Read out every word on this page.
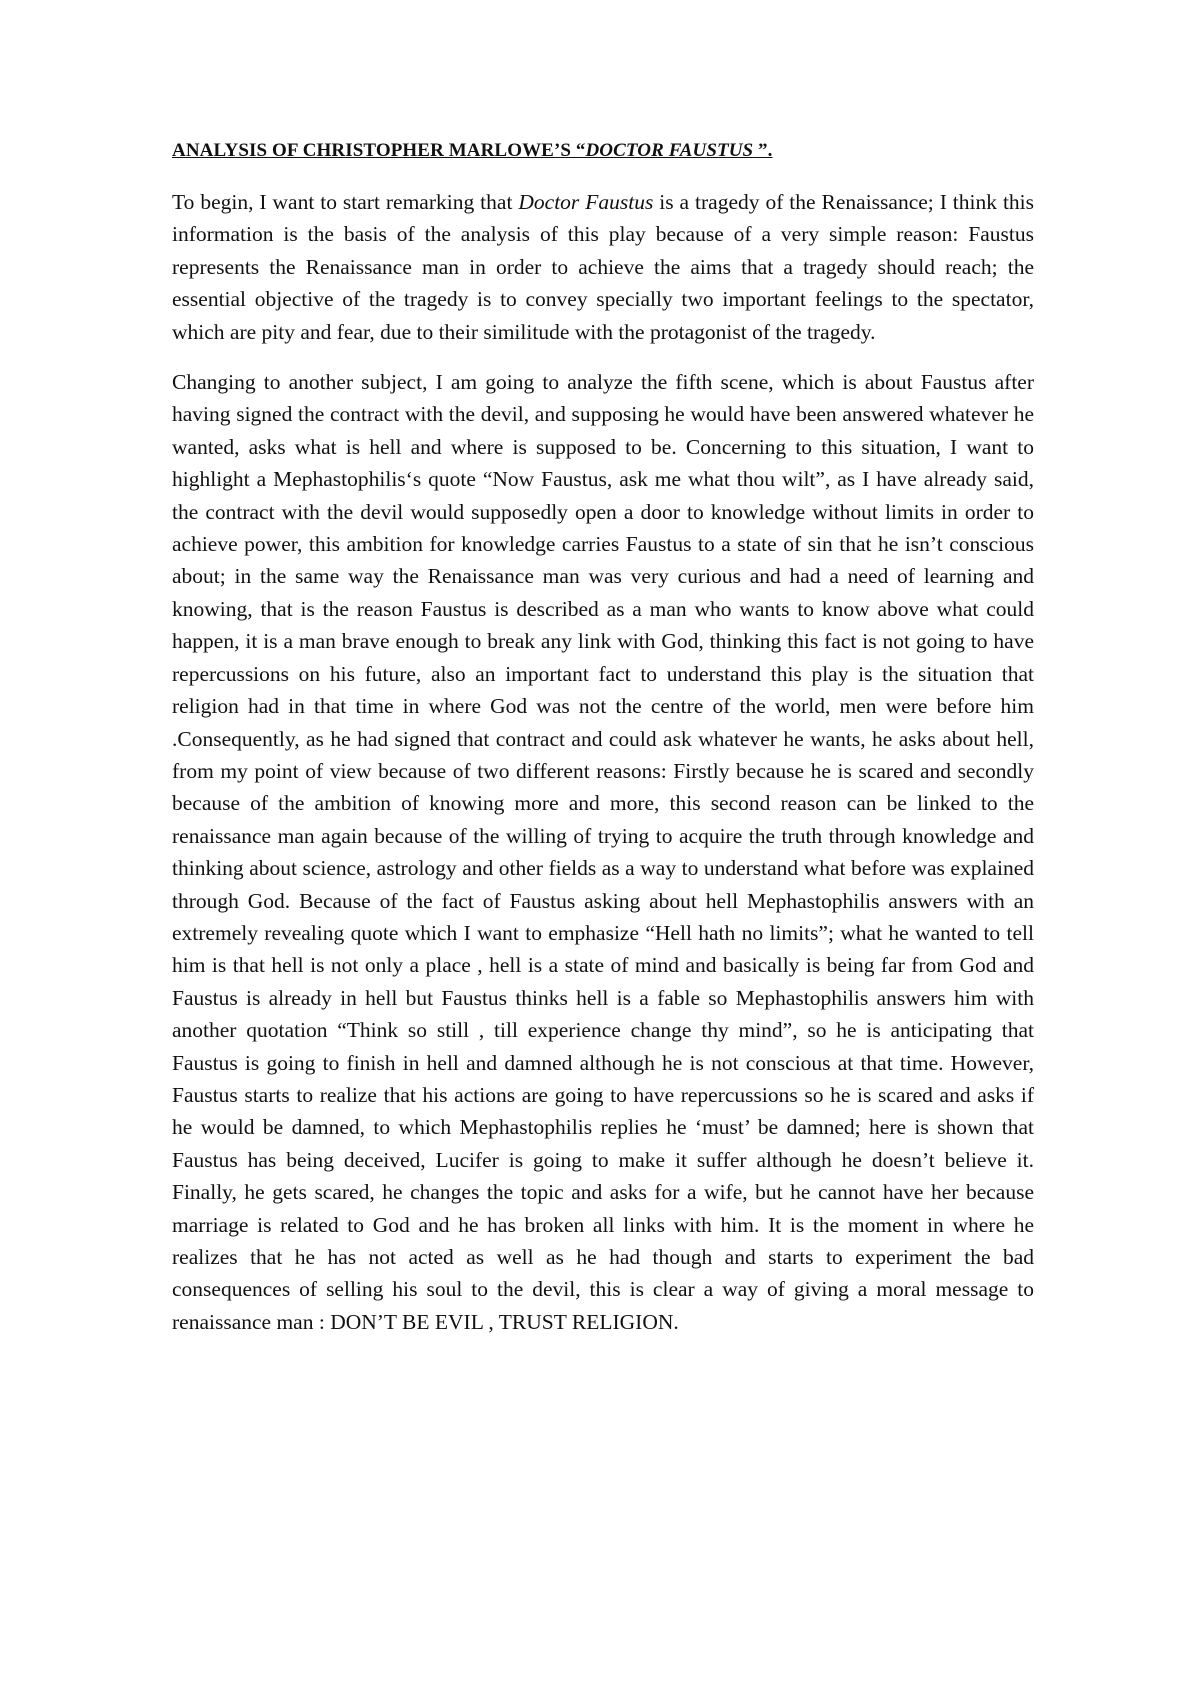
ANALYSIS OF CHRISTOPHER MARLOWE’S “DOCTOR FAUSTUS ”.

To begin, I want to start remarking that Doctor Faustus is a tragedy of the Renaissance; I think this information is the basis of the analysis of this play because of a very simple reason: Faustus represents the Renaissance man in order to achieve the aims that a tragedy should reach; the essential objective of the tragedy is to convey specially two important feelings to the spectator, which are pity and fear, due to their similitude with the protagonist of the tragedy.

Changing to another subject, I am going to analyze the fifth scene, which is about Faustus after having signed the contract with the devil, and supposing he would have been answered whatever he wanted, asks what is hell and where is supposed to be. Concerning to this situation, I want to highlight a Mephastophilis‘s quote “Now Faustus, ask me what thou wilt”, as I have already said, the contract with the devil would supposedly open a door to knowledge without limits in order to achieve power, this ambition for knowledge carries Faustus to a state of sin that he isn’t conscious about; in the same way the Renaissance man was very curious and had a need of learning and knowing, that is the reason Faustus is described as a man who wants to know above what could happen, it is a man brave enough to break any link with God, thinking this fact is not going to have repercussions on his future, also an important fact to understand this play is the situation that religion had in that time in where God was not the centre of the world, men were before him .Consequently, as he had signed that contract and could ask whatever he wants, he asks about hell, from my point of view because of two different reasons: Firstly because he is scared and secondly because of the ambition of knowing more and more, this second reason can be linked to the renaissance man again because of the willing of trying to acquire the truth through knowledge and thinking about science, astrology and other fields as a way to understand what before was explained through God. Because of the fact of Faustus asking about hell Mephastophilis answers with an extremely revealing quote which I want to emphasize “Hell hath no limits”; what he wanted to tell him is that hell is not only a place , hell is a state of mind and basically is being far from God and Faustus is already in hell but Faustus thinks hell is a fable so Mephastophilis answers him with another quotation “Think so still , till experience change thy mind”, so he is anticipating that Faustus is going to finish in hell and damned although he is not conscious at that time. However, Faustus starts to realize that his actions are going to have repercussions so he is scared and asks if he would be damned, to which Mephastophilis replies he ‘must’ be damned; here is shown that Faustus has being deceived, Lucifer is going to make it suffer although he doesn’t believe it. Finally, he gets scared, he changes the topic and asks for a wife, but he cannot have her because marriage is related to God and he has broken all links with him. It is the moment in where he realizes that he has not acted as well as he had though and starts to experiment the bad consequences of selling his soul to the devil, this is clear a way of giving a moral message to renaissance man : DON’T BE EVIL , TRUST RELIGION.
